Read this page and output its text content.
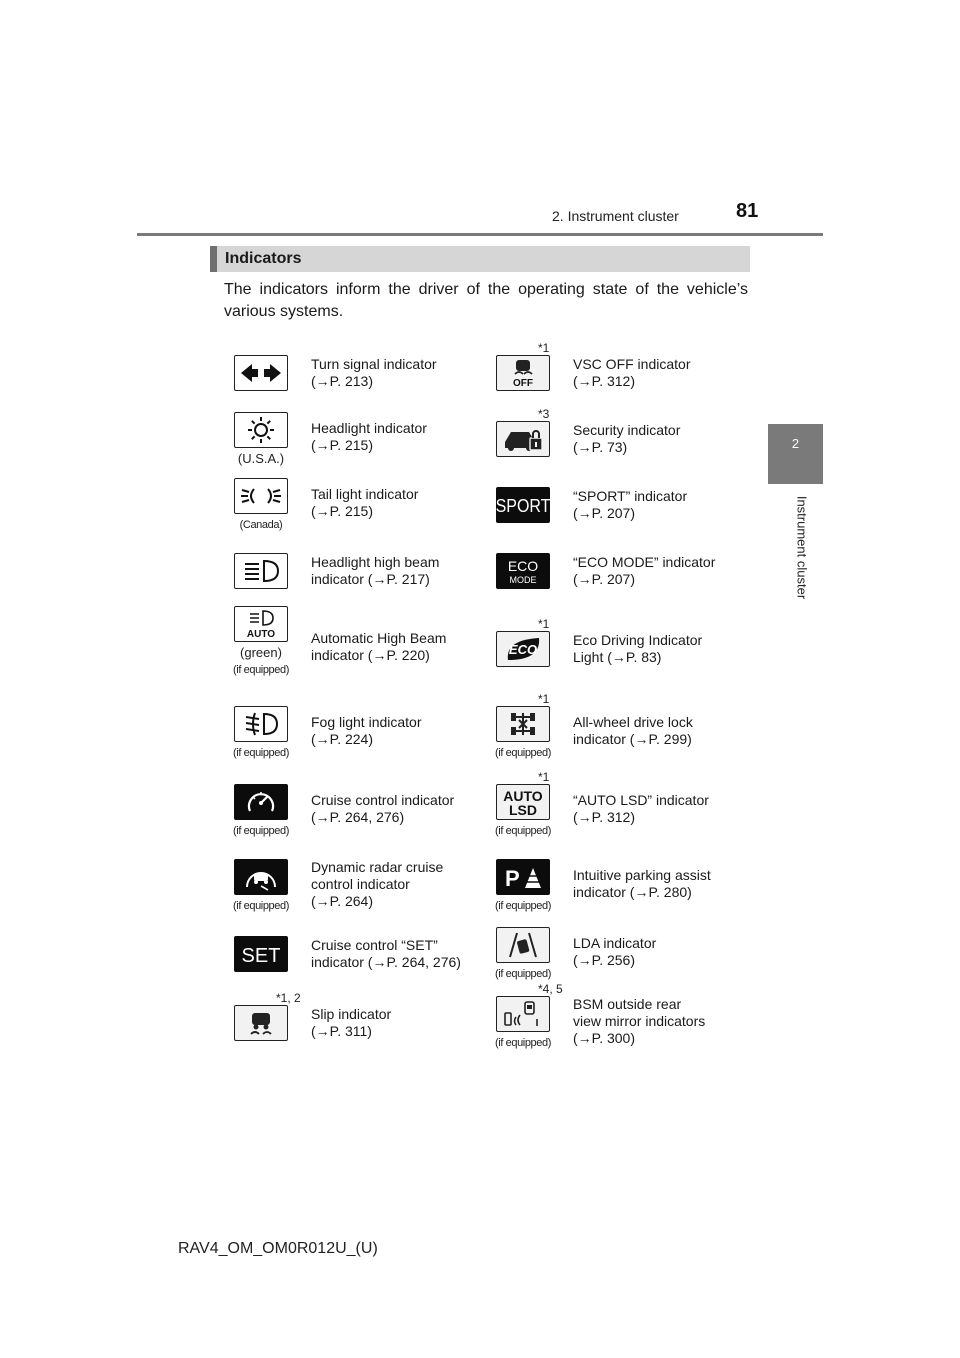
2. Instrument cluster	81
2
Instrument cluster
Indicators
The indicators inform the driver of the operating state of the vehicle’s various systems.
Turn signal indicator
(→P. 213)
*1
OFF
VSC OFF indicator
(→P. 312)
(U.S.A.)
Headlight indicator
(→P. 215)
*3
Security indicator
(→P. 73)
(Canada)
Tail light indicator
(→P. 215)	SPORT “SPORT” indicator
(→P. 207)
Headlight high beam
indicator (→P. 217)
ECO
MODE
“ECO MODE” indicator
(→P. 207)
AUTO
(green)
(if equipped)
Automatic High Beam
indicator (→P. 220)
*1
ECO
Eco Driving Indicator
Light (→P. 83)
(if equipped)
Fog light indicator
(→P. 224)
*1
(if equipped)
All-wheel drive lock
indicator (→P. 299)
(if equipped)
Cruise control indicator
(→P. 264, 276)
*1
AUTO
LSD
(if equipped)
“AUTO LSD” indicator
(→P. 312)
(if equipped)
Dynamic radar cruise
control indicator
(→P. 264)
P
(if equipped)
Intuitive parking assist
indicator (→P. 280)
SET Cruise control “SET”
indicator (→P. 264, 276)
(if equipped)
LDA indicator
(→P. 256)
*1, 2
Slip indicator
(→P. 311)
*4, 5
(if equipped)
BSM outside rear
view mirror indicators
(→P. 300)
RAV4_OM_OM0R012U_(U)
